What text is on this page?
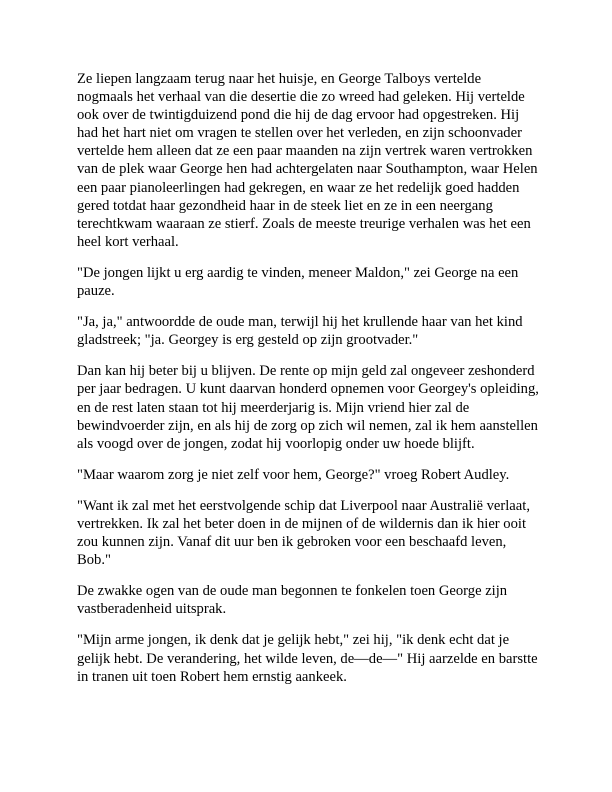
Ze liepen langzaam terug naar het huisje, en George Talboys vertelde nogmaals het verhaal van die desertie die zo wreed had geleken. Hij vertelde ook over de twintigduizend pond die hij de dag ervoor had opgestreken. Hij had het hart niet om vragen te stellen over het verleden, en zijn schoonvader vertelde hem alleen dat ze een paar maanden na zijn vertrek waren vertrokken van de plek waar George hen had achtergelaten naar Southampton, waar Helen een paar pianoleerlingen had gekregen, en waar ze het redelijk goed hadden gered totdat haar gezondheid haar in de steek liet en ze in een neergang terechtkwam waaraan ze stierf. Zoals de meeste treurige verhalen was het een heel kort verhaal.

"De jongen lijkt u erg aardig te vinden, meneer Maldon," zei George na een pauze.

"Ja, ja," antwoordde de oude man, terwijl hij het krullende haar van het kind gladstreek; "ja. Georgey is erg gesteld op zijn grootvader."

Dan kan hij beter bij u blijven. De rente op mijn geld zal ongeveer zeshonderd per jaar bedragen. U kunt daarvan honderd opnemen voor Georgey's opleiding, en de rest laten staan tot hij meerderjarig is. Mijn vriend hier zal de bewindvoerder zijn, en als hij de zorg op zich wil nemen, zal ik hem aanstellen als voogd over de jongen, zodat hij voorlopig onder uw hoede blijft.

"Maar waarom zorg je niet zelf voor hem, George?" vroeg Robert Audley.

"Want ik zal met het eerstvolgende schip dat Liverpool naar Australië verlaat, vertrekken. Ik zal het beter doen in de mijnen of de wildernis dan ik hier ooit zou kunnen zijn. Vanaf dit uur ben ik gebroken voor een beschaafd leven, Bob."

De zwakke ogen van de oude man begonnen te fonkelen toen George zijn vastberadenheid uitsprak.

"Mijn arme jongen, ik denk dat je gelijk hebt," zei hij, "ik denk echt dat je gelijk hebt. De verandering, het wilde leven, de—de—" Hij aarzelde en barstte in tranen uit toen Robert hem ernstig aankeek.
